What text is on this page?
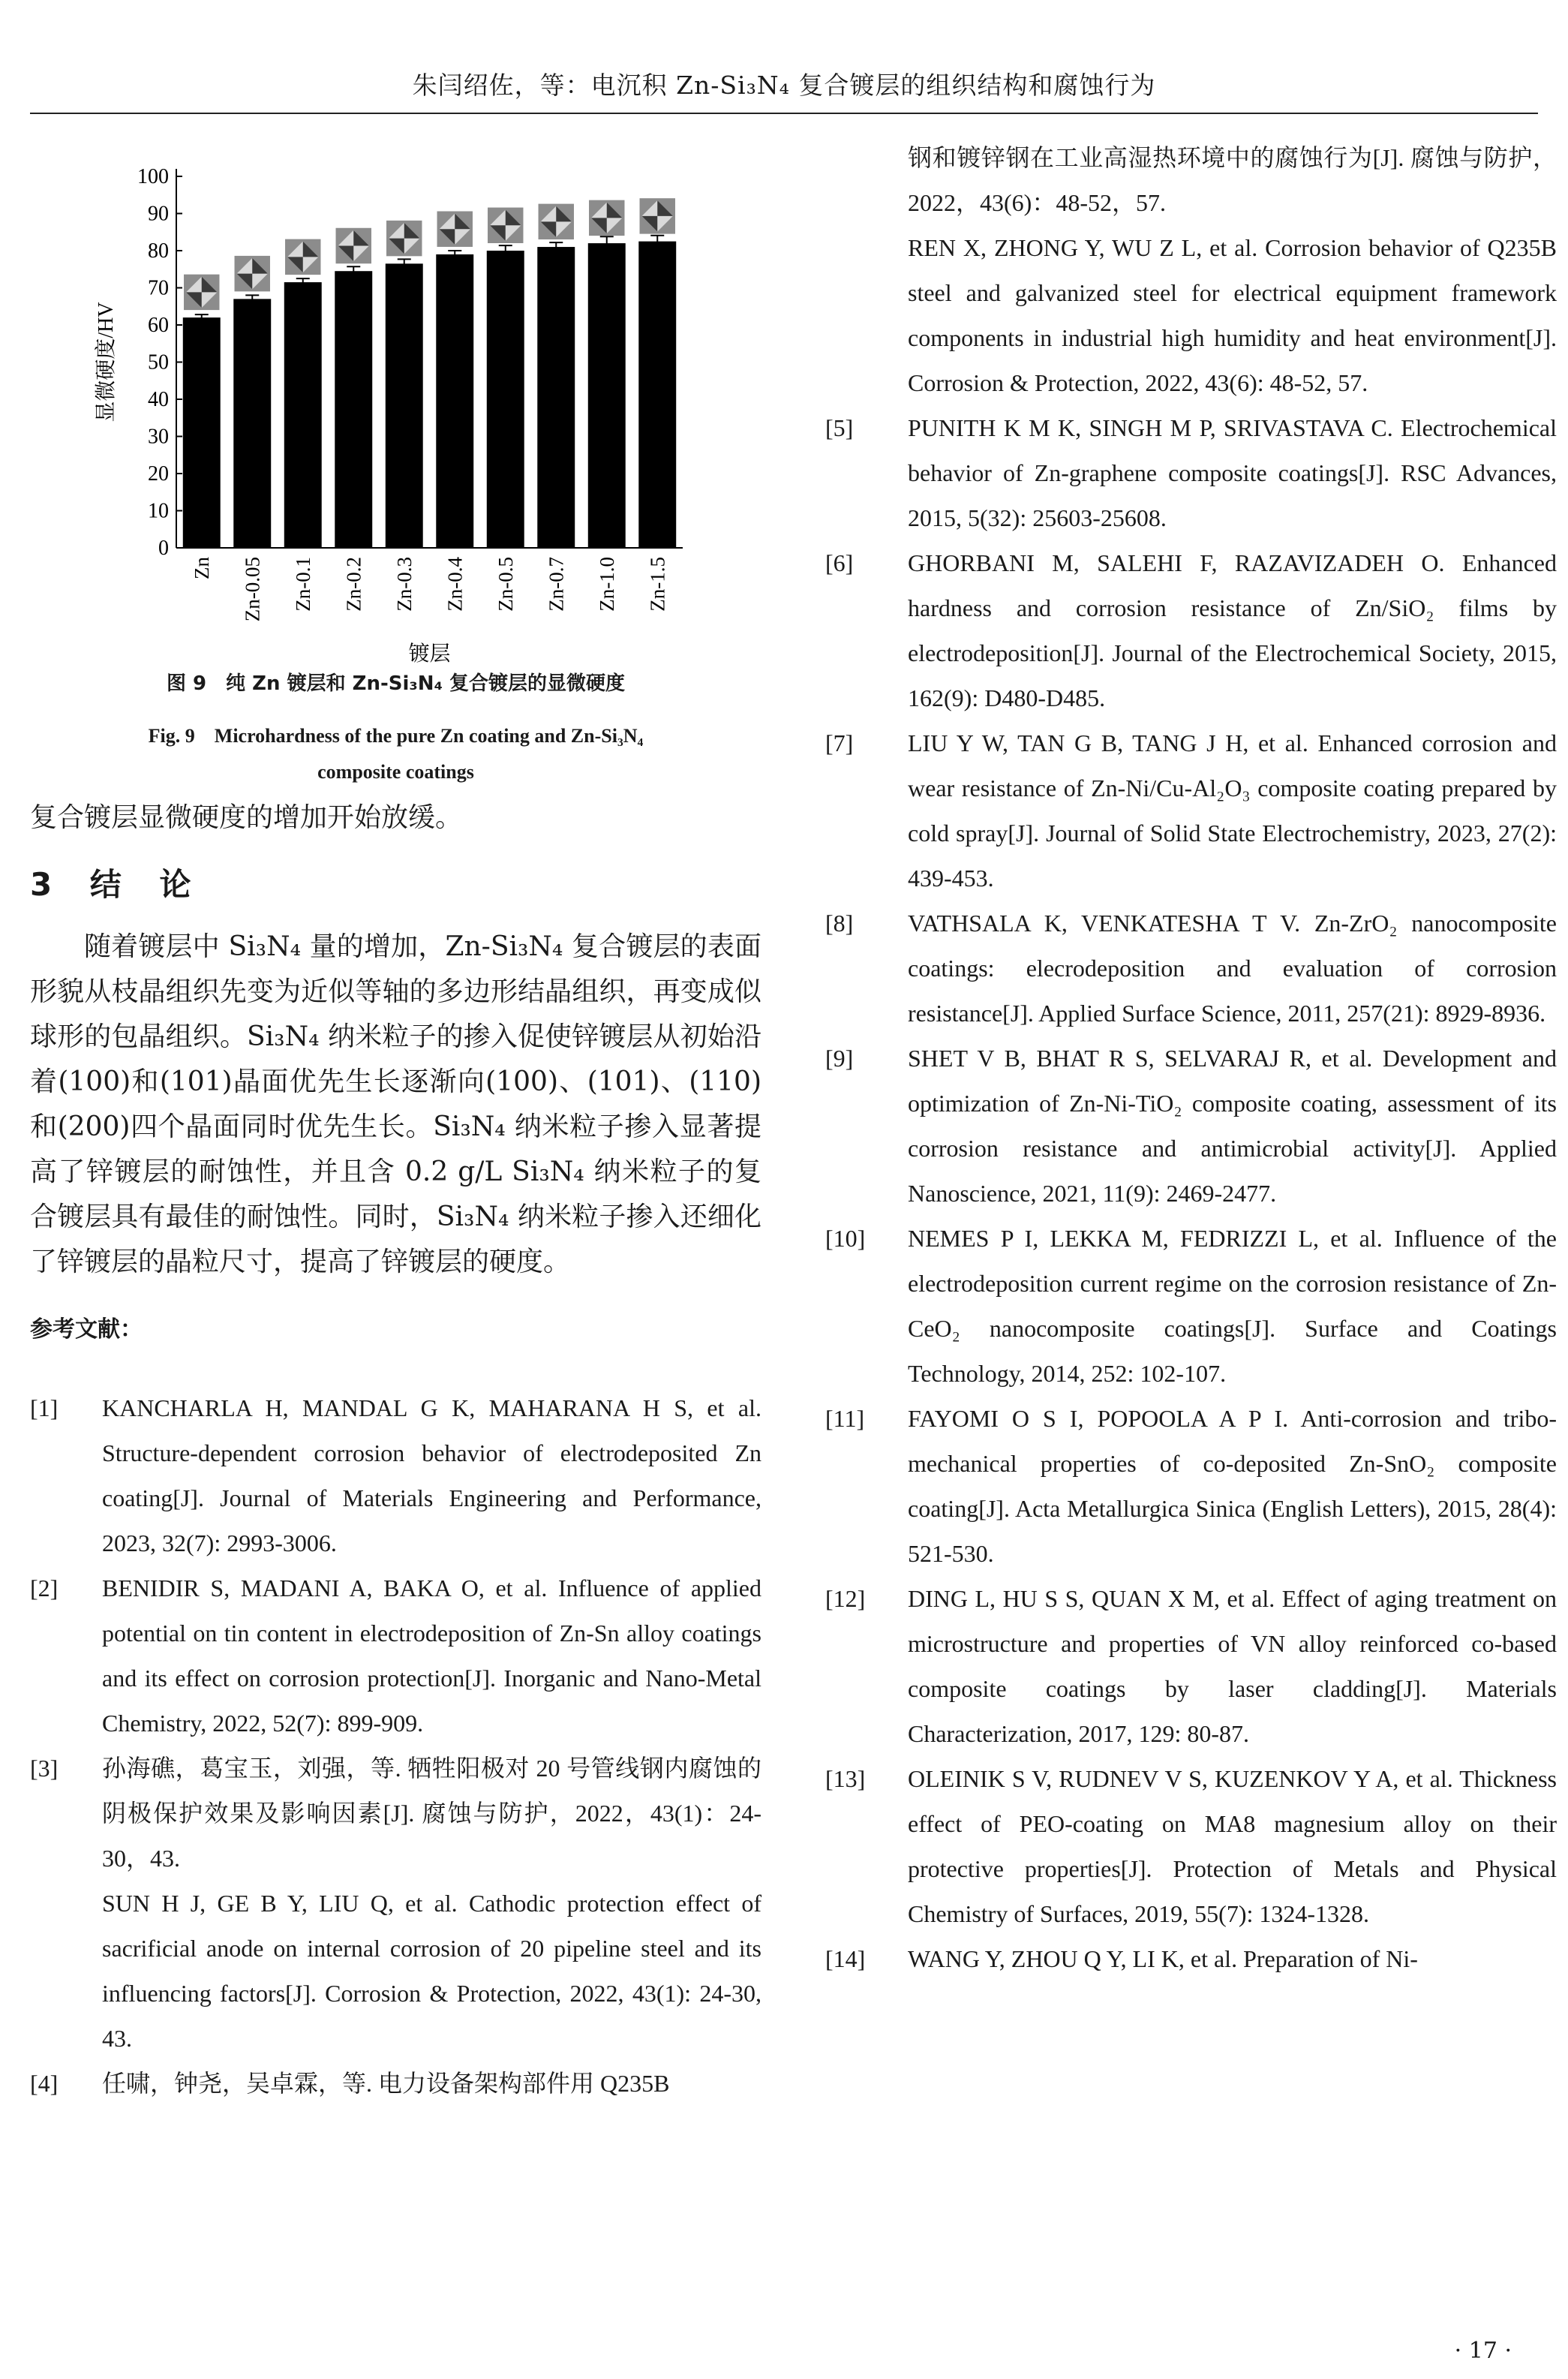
朱闫绍佐，等：电沉积 Zn-Si₃N₄ 复合镀层的组织结构和腐蚀行为
0
10
20
30
40
50
60
70
80
90
100
显微硬度/HV
Zn Zn-0.05 Zn-0.1 Zn-0.2 Zn-0.3 Zn-0.4 Zn-0.5 Zn-0.7 Zn-1.0 Zn-1.5
镀层
图 9　纯 Zn 镀层和 Zn-Si₃N₄ 复合镀层的显微硬度
Fig. 9　Microhardness of the pure Zn coating and Zn-Si₃N₄
composite coatings

复合镀层显微硬度的增加开始放缓。

3 结 论

随着镀层中 Si₃N₄ 量的增加，Zn-Si₃N₄ 复合镀层的表面形貌从枝晶组织先变为近似等轴的多边形结晶组织，再变成似球形的包晶组织。Si₃N₄ 纳米粒子的掺入促使锌镀层从初始沿着(100)和(101)晶面优先生长逐渐向(100)、(101)、(110)和(200)四个晶面同时优先生长。Si₃N₄ 纳米粒子掺入显著提高了锌镀层的耐蚀性，并且含 0.2 g/L Si₃N₄ 纳米粒子的复合镀层具有最佳的耐蚀性。同时，Si₃N₄ 纳米粒子掺入还细化了锌镀层的晶粒尺寸，提高了锌镀层的硬度。

参考文献：
[1] KANCHARLA H, MANDAL G K, MAHARANA H S, et al. Structure-dependent corrosion behavior of electrodeposited Zn coating[J]. Journal of Materials Engineering and Performance, 2023, 32(7): 2993-3006.
[2] BENIDIR S, MADANI A, BAKA O, et al. Influence of applied potential on tin content in electrodeposition of Zn-Sn alloy coatings and its effect on corrosion protection[J]. Inorganic and Nano-Metal Chemistry, 2022, 52(7): 899-909.
[3] 孙海礁，葛宝玉，刘强，等. 牺牲阳极对 20 号管线钢内腐蚀的阴极保护效果及影响因素[J]. 腐蚀与防护，2022，43(1)：24-30，43.
SUN H J, GE B Y, LIU Q, et al. Cathodic protection effect of sacrificial anode on internal corrosion of 20 pipeline steel and its influencing factors[J]. Corrosion & Protection, 2022, 43(1): 24-30, 43.
[4] 任啸，钟尧，吴卓霖，等. 电力设备架构部件用 Q235B
钢和镀锌钢在工业高湿热环境中的腐蚀行为[J]. 腐蚀与防护，2022，43(6)：48-52，57.
REN X, ZHONG Y, WU Z L, et al. Corrosion behavior of Q235B steel and galvanized steel for electrical equipment framework components in industrial high humidity and heat environment[J]. Corrosion & Protection, 2022, 43(6): 48-52, 57.
[5] PUNITH K M K, SINGH M P, SRIVASTAVA C. Electrochemical behavior of Zn-graphene composite coatings[J]. RSC Advances, 2015, 5(32): 25603-25608.
[6] GHORBANI M, SALEHI F, RAZAVIZADEH O. Enhanced hardness and corrosion resistance of Zn/SiO₂ films by electrodeposition[J]. Journal of the Electrochemical Society, 2015, 162(9): D480-D485.
[7] LIU Y W, TAN G B, TANG J H, et al. Enhanced corrosion and wear resistance of Zn-Ni/Cu-Al₂O₃ composite coating prepared by cold spray[J]. Journal of Solid State Electrochemistry, 2023, 27(2): 439-453.
[8] VATHSALA K, VENKATESHA T V. Zn-ZrO₂ nanocomposite coatings: elecrodeposition and evaluation of corrosion resistance[J]. Applied Surface Science, 2011, 257(21): 8929-8936.
[9] SHET V B, BHAT R S, SELVARAJ R, et al. Development and optimization of Zn-Ni-TiO₂ composite coating, assessment of its corrosion resistance and antimicrobial activity[J]. Applied Nanoscience, 2021, 11(9): 2469-2477.
[10] NEMES P I, LEKKA M, FEDRIZZI L, et al. Influence of the electrodeposition current regime on the corrosion resistance of Zn-CeO₂ nanocomposite coatings[J]. Surface and Coatings Technology, 2014, 252: 102-107.
[11] FAYOMI O S I, POPOOLA A P I. Anti-corrosion and tribo-mechanical properties of co-deposited Zn-SnO₂ composite coating[J]. Acta Metallurgica Sinica (English Letters), 2015, 28(4): 521-530.
[12] DING L, HU S S, QUAN X M, et al. Effect of aging treatment on microstructure and properties of VN alloy reinforced co-based composite coatings by laser cladding[J]. Materials Characterization, 2017, 129: 80-87.
[13] OLEINIK S V, RUDNEV V S, KUZENKOV Y A, et al. Thickness effect of PEO-coating on MA8 magnesium alloy on their protective properties[J]. Protection of Metals and Physical Chemistry of Surfaces, 2019, 55(7): 1324-1328.
[14] WANG Y, ZHOU Q Y, LI K, et al. Preparation of Ni-
· 17 ·
